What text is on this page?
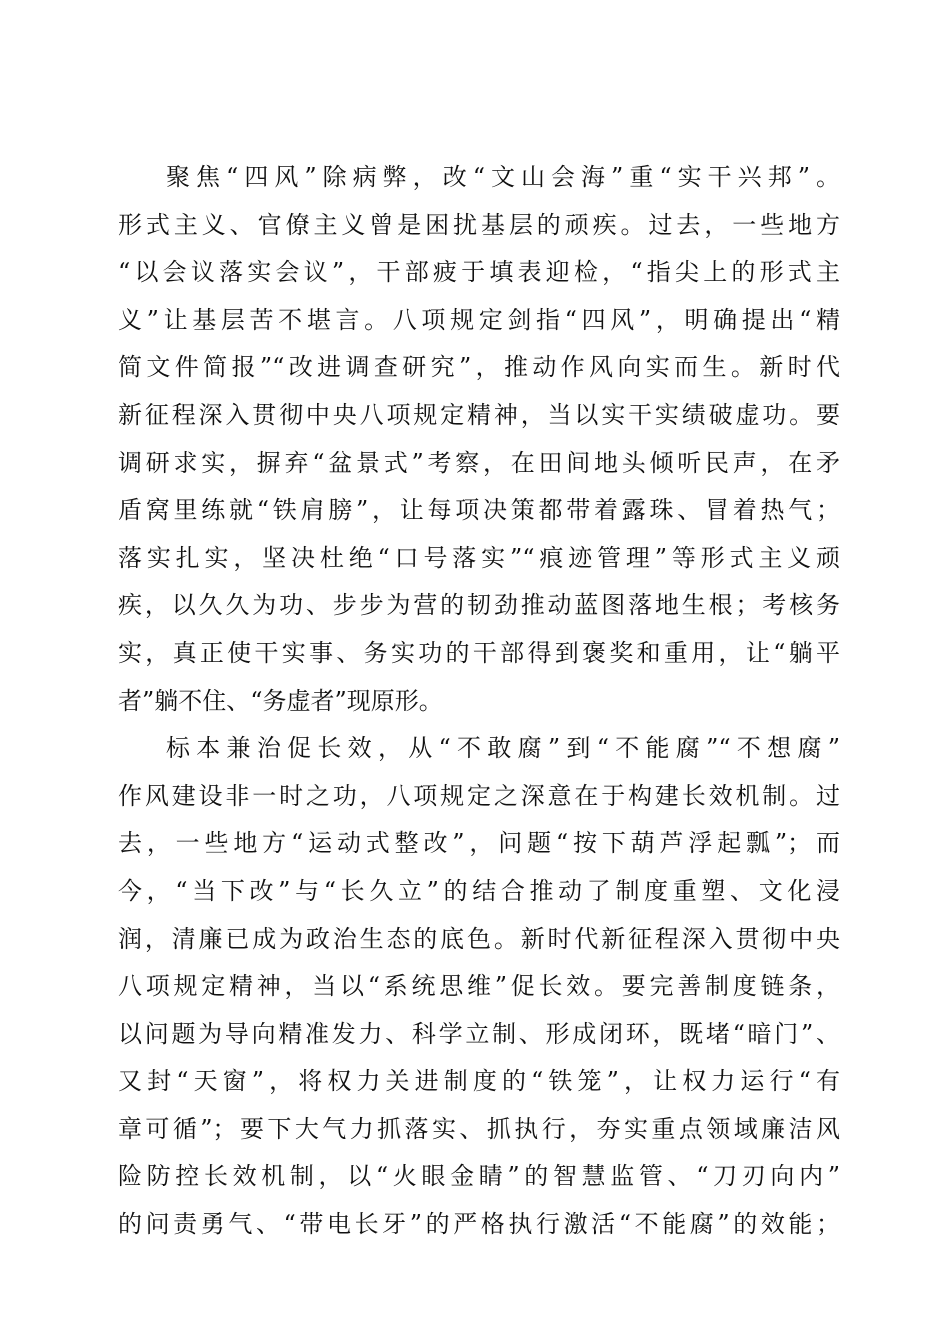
聚焦“四风”除病弊，改“文山会海”重“实干兴邦”。
形式主义、官僚主义曾是困扰基层的顽疾。过去，一些地方
“以会议落实会议”，干部疲于填表迎检，“指尖上的形式主
义”让基层苦不堪言。八项规定剑指“四风”，明确提出“精
简文件简报”“改进调查研究”，推动作风向实而生。新时代
新征程深入贯彻中央八项规定精神，当以实干实绩破虚功。要
调研求实，摒弃“盆景式”考察，在田间地头倾听民声，在矛
盾窝里练就“铁肩膀”，让每项决策都带着露珠、冒着热气；
落实扎实，坚决杜绝“口号落实”“痕迹管理”等形式主义顽
疾，以久久为功、步步为营的韧劲推动蓝图落地生根；考核务
实，真正使干实事、务实功的干部得到褒奖和重用，让“躺平
者”躺不住、“务虚者”现原形。
标本兼治促长效，从“不敢腐”到“不能腐”“不想腐”
作风建设非一时之功，八项规定之深意在于构建长效机制。过
去，一些地方“运动式整改”，问题“按下葫芦浮起瓢”；而
今，“当下改”与“长久立”的结合推动了制度重塑、文化浸
润，清廉已成为政治生态的底色。新时代新征程深入贯彻中央
八项规定精神，当以“系统思维”促长效。要完善制度链条，
以问题为导向精准发力、科学立制、形成闭环，既堵“暗门”、
又封“天窗”，将权力关进制度的“铁笼”，让权力运行“有
章可循”；要下大气力抓落实、抓执行，夯实重点领域廉洁风
险防控长效机制，以“火眼金睛”的智慧监管、“刀刃向内”
的问责勇气、“带电长牙”的严格执行激活“不能腐”的效能；
